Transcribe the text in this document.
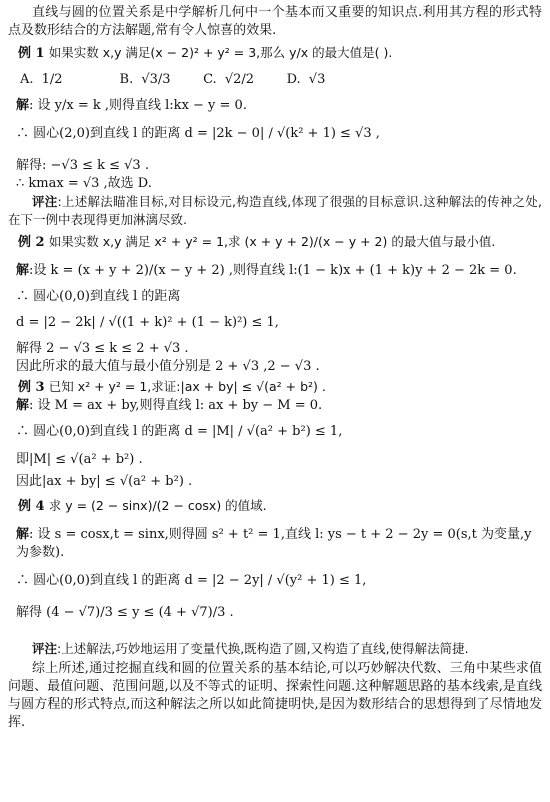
直线与圆的位置关系是中学解析几何中一个基本而又重要的知识点.利用其方程的形式特点及数形结合的方法解题,常有令人惊喜的效果.
例 1 如果实数 x,y 满足(x − 2)² + y² = 3,那么 y/x 的最大值是( ).
A. 1/2	B. √3/3	C. √2/2	D. √3
解: 设 y/x = k ,则得直线 l:kx − y = 0.
∴ 圆心(2,0)到直线 l 的距离 d = |2k − 0| / √(k² + 1) ≤ √3 ,
解得: −√3 ≤ k ≤ √3 .
∴ kmax = √3 ,故选 D.
评注:上述解法瞄准目标,对目标设元,构造直线,体现了很强的目标意识.这种解法的传神之处,在下一例中表现得更加淋漓尽致.
例 2 如果实数 x,y 满足 x² + y² = 1,求 (x + y + 2)/(x − y + 2) 的最大值与最小值.
解:设 k = (x + y + 2)/(x − y + 2) ,则得直线 l:(1 − k)x + (1 + k)y + 2 − 2k = 0.
∴ 圆心(0,0)到直线 l 的距离
d = |2 − 2k| / √((1 + k)² + (1 − k)²) ≤ 1,
解得 2 − √3 ≤ k ≤ 2 + √3 .
因此所求的最大值与最小值分别是 2 + √3 ,2 − √3 .
例 3 已知 x² + y² = 1,求证:|ax + by| ≤ √(a² + b²) .
解: 设 M = ax + by,则得直线 l: ax + by − M = 0.
∴ 圆心(0,0)到直线 l 的距离 d = |M| / √(a² + b²) ≤ 1,
即|M| ≤ √(a² + b²) .
因此|ax + by| ≤ √(a² + b²) .
例 4 求 y = (2 − sinx)/(2 − cosx) 的值域.
解: 设 s = cosx,t = sinx,则得圆 s² + t² = 1,直线 l: ys − t + 2 − 2y = 0(s,t 为变量,y 为参数).
∴ 圆心(0,0)到直线 l 的距离 d = |2 − 2y| / √(y² + 1) ≤ 1,
解得 (4 − √7)/3 ≤ y ≤ (4 + √7)/3 .
评注:上述解法,巧妙地运用了变量代换,既构造了圆,又构造了直线,使得解法简捷.
综上所述,通过挖掘直线和圆的位置关系的基本结论,可以巧妙解决代数、三角中某些求值问题、最值问题、范围问题,以及不等式的证明、探索性问题.这种解题思路的基本线索,是直线与圆方程的形式特点,而这种解法之所以如此简捷明快,是因为数形结合的思想得到了尽情地发挥.
